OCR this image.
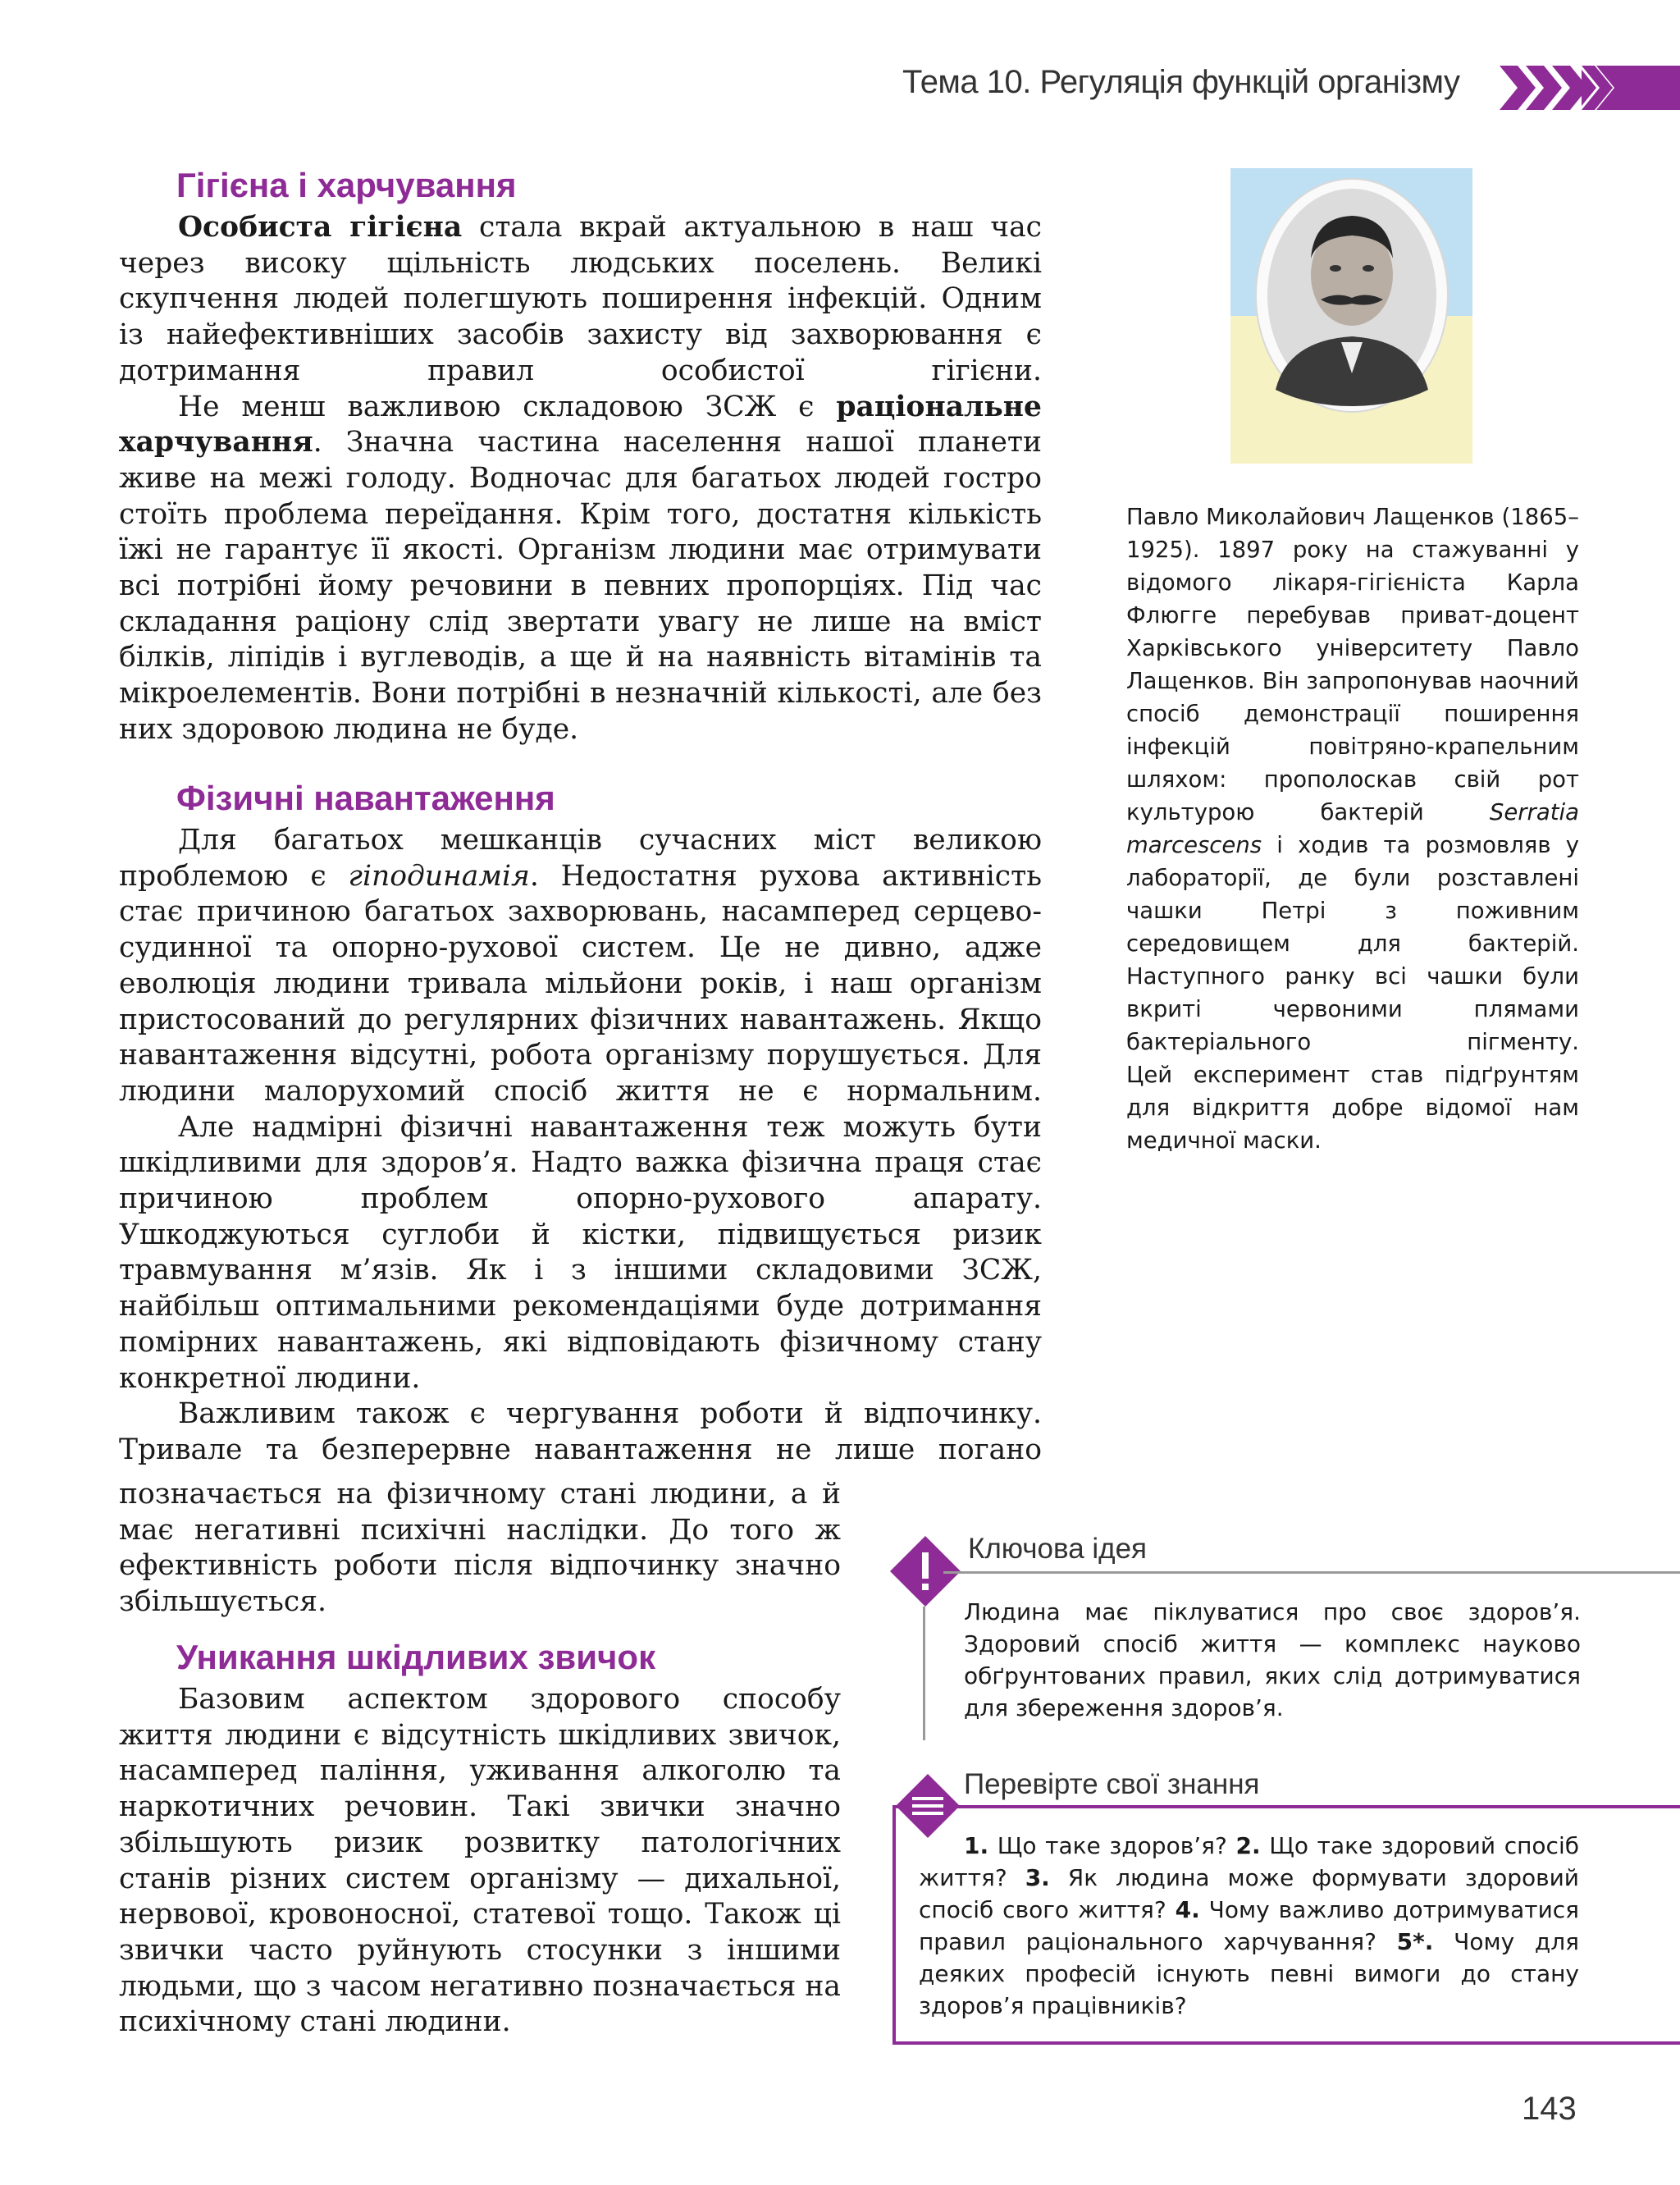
Тема 10. Регуляція функцій організму
Гігієна і харчування

Особиста гігієна стала вкрай актуальною в наш час через високу щільність людських поселень. Великі скупчення людей полегшують поширення інфекцій. Одним із найефективніших засобів захисту від захворювання є дотримання правил особистої гігієни.

Не менш важливою складовою ЗСЖ є раціональне харчування. Значна частина населення нашої планети живе на межі голоду. Водночас для багатьох людей гостро стоїть проблема переїдання. Крім того, достатня кількість їжі не гарантує її якості. Організм людини має отримувати всі потрібні йому речовини в певних пропорціях. Під час складання раціону слід звертати увагу не лише на вміст білків, ліпідів і вуглеводів, а ще й на наявність вітамінів та мікроелементів. Вони потрібні в незначній кількості, але без них здоровою людина не буде.

Фізичні навантаження

Для багатьох мешканців сучасних міст великою проблемою є гіподинамія. Недостатня рухова активність стає причиною багатьох захворювань, насамперед серцево-судинної та опорно-рухової систем. Це не дивно, адже еволюція людини тривала мільйони років, і наш організм пристосований до регулярних фізичних навантажень. Якщо навантаження відсутні, робота організму порушується. Для людини малорухомий спосіб життя не є нормальним.

Але надмірні фізичні навантаження теж можуть бути шкідливими для здоров’я. Надто важка фізична праця стає причиною проблем опорно-рухового апарату. Ушкоджуються суглоби й кістки, підвищується ризик травмування м’язів. Як і з іншими складовими ЗСЖ, найбільш оптимальними рекомендаціями буде дотримання помірних навантажень, які відповідають фізичному стану конкретної людини.

Важливим також є чергування роботи й відпочинку. Тривале та безперервне навантаження не лише погано

позначається на фізичному стані людини, а й має негативні психічні наслідки. До того ж ефективність роботи після відпочинку значно збільшується.

Уникання шкідливих звичок

Базовим аспектом здорового способу життя людини є відсутність шкідливих звичок, насамперед паління, уживання алкоголю та наркотичних речовин. Такі звички значно збільшують ризик розвитку патологічних станів різних систем організму — дихальної, нервової, кровоносної, статевої тощо. Також ці звички часто руйнують стосунки з іншими людьми, що з часом негативно позначається на психічному стані людини.

Павло Миколайович Лащенков (1865–1925). 1897 року на стажуванні у відомого лікаря-гігієніста Карла Флюгге перебував приват-доцент Харківського університету Павло Лащенков. Він запропонував наочний спосіб демонстрації поширення інфекцій повітряно-крапельним шляхом: прополоскав свій рот культурою бактерій Serratia marcescens і ходив та розмовляв у лабораторії, де були розставлені чашки Петрі з поживним середовищем для бактерій. Наступного ранку всі чашки були вкриті червоними плямами бактеріального пігменту.

Цей експеримент став підґрунтям для відкриття добре відомої нам медичної маски.

Ключова ідея

Людина має піклуватися про своє здоров’я. Здоровий спосіб життя — комплекс науково обґрунтованих правил, яких слід дотримуватися для збереження здоров’я.

Перевірте свої знання

1. Що таке здоров’я? 2. Що таке здоровий спосіб життя? 3. Як людина може формувати здоровий спосіб свого життя? 4. Чому важливо дотримуватися правил раціонального харчування? 5*. Чому для деяких професій існують певні вимоги до стану здоров’я працівників?

143
